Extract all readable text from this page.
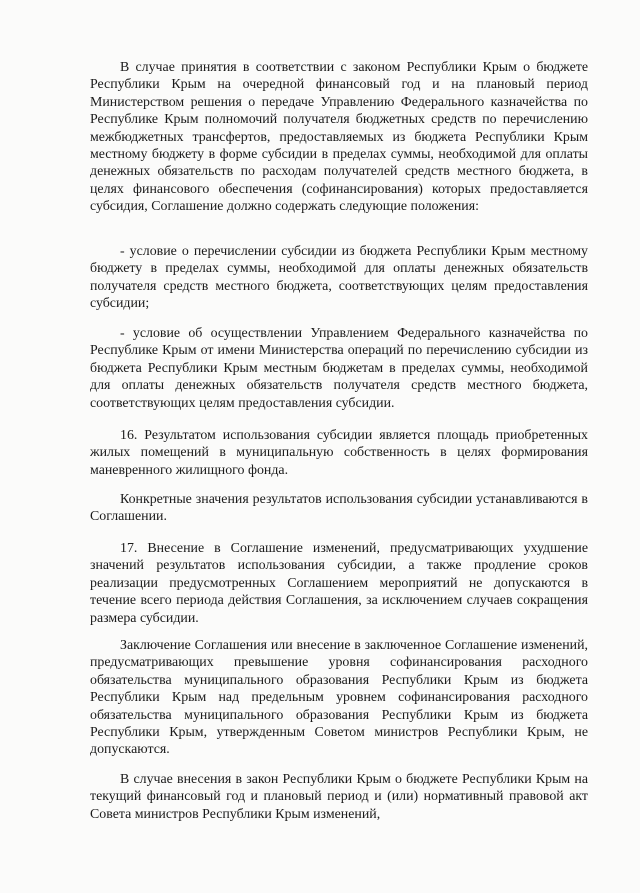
В случае принятия в соответствии с законом Республики Крым о бюджете Республики Крым на очередной финансовый год и на плановый период Министерством решения о передаче Управлению Федерального казначейства по Республике Крым полномочий получателя бюджетных средств по перечислению межбюджетных трансфертов, предоставляемых из бюджета Республики Крым местному бюджету в форме субсидии в пределах суммы, необходимой для оплаты денежных обязательств по расходам получателей средств местного бюджета, в целях финансового обеспечения (софинансирования) которых предоставляется субсидия, Соглашение должно содержать следующие положения:

- условие о перечислении субсидии из бюджета Республики Крым местному бюджету в пределах суммы, необходимой для оплаты денежных обязательств получателя средств местного бюджета, соответствующих целям предоставления субсидии;

- условие об осуществлении Управлением Федерального казначейства по Республике Крым от имени Министерства операций по перечислению субсидии из бюджета Республики Крым местным бюджетам в пределах суммы, необходимой для оплаты денежных обязательств получателя средств местного бюджета, соответствующих целям предоставления субсидии.

16. Результатом использования субсидии является площадь приобретенных жилых помещений в муниципальную собственность в целях формирования маневренного жилищного фонда.

Конкретные значения результатов использования субсидии устанавливаются в Соглашении.

17. Внесение в Соглашение изменений, предусматривающих ухудшение значений результатов использования субсидии, а также продление сроков реализации предусмотренных Соглашением мероприятий не допускаются в течение всего периода действия Соглашения, за исключением случаев сокращения размера субсидии.

Заключение Соглашения или внесение в заключенное Соглашение изменений, предусматривающих превышение уровня софинансирования расходного обязательства муниципального образования Республики Крым из бюджета Республики Крым над предельным уровнем софинансирования расходного обязательства муниципального образования Республики Крым из бюджета Республики Крым, утвержденным Советом министров Республики Крым, не допускаются.

В случае внесения в закон Республики Крым о бюджете Республики Крым на текущий финансовый год и плановый период и (или) нормативный правовой акт Совета министров Республики Крым изменений,
